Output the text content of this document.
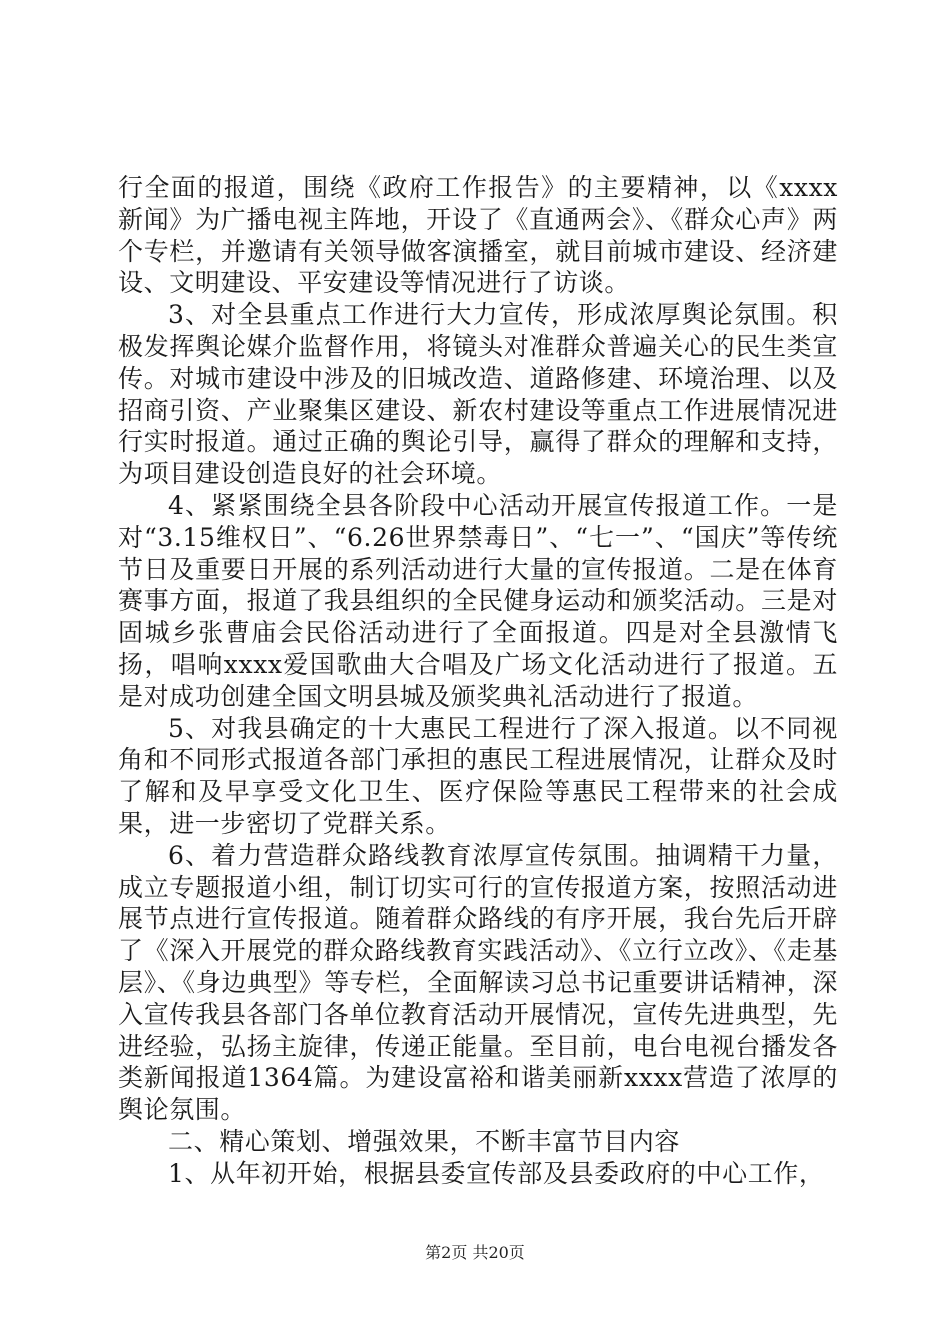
行全面的报道，围绕《政府工作报告》的主要精神，以《xxxx新闻》为广播电视主阵地，开设了《直通两会》、《群众心声》两个专栏，并邀请有关领导做客演播室，就目前城市建设、经济建设、文明建设、平安建设等情况进行了访谈。

3、对全县重点工作进行大力宣传，形成浓厚舆论氛围。积极发挥舆论媒介监督作用，将镜头对准群众普遍关心的民生类宣传。对城市建设中涉及的旧城改造、道路修建、环境治理、以及招商引资、产业聚集区建设、新农村建设等重点工作进展情况进行实时报道。通过正确的舆论引导，赢得了群众的理解和支持，为项目建设创造良好的社会环境。

4、紧紧围绕全县各阶段中心活动开展宣传报道工作。一是对“3.15维权日”、“6.26世界禁毒日”、“七一”、“国庆”等传统节日及重要日开展的系列活动进行大量的宣传报道。二是在体育赛事方面，报道了我县组织的全民健身运动和颁奖活动。三是对固城乡张曹庙会民俗活动进行了全面报道。四是对全县激情飞扬，唱响xxxx爱国歌曲大合唱及广场文化活动进行了报道。五是对成功创建全国文明县城及颁奖典礼活动进行了报道。

5、对我县确定的十大惠民工程进行了深入报道。以不同视角和不同形式报道各部门承担的惠民工程进展情况，让群众及时了解和及早享受文化卫生、医疗保险等惠民工程带来的社会成果，进一步密切了党群关系。

6、着力营造群众路线教育浓厚宣传氛围。抽调精干力量，成立专题报道小组，制订切实可行的宣传报道方案，按照活动进展节点进行宣传报道。随着群众路线的有序开展，我台先后开辟了《深入开展党的群众路线教育实践活动》、《立行立改》、《走基层》、《身边典型》等专栏，全面解读习总书记重要讲话精神，深入宣传我县各部门各单位教育活动开展情况，宣传先进典型，先进经验，弘扬主旋律，传递正能量。至目前，电台电视台播发各类新闻报道1364篇。为建设富裕和谐美丽新xxxx营造了浓厚的舆论氛围。

二、精心策划、增强效果，不断丰富节目内容

1、从年初开始，根据县委宣传部及县委政府的中心工作，

第2页 共20页
